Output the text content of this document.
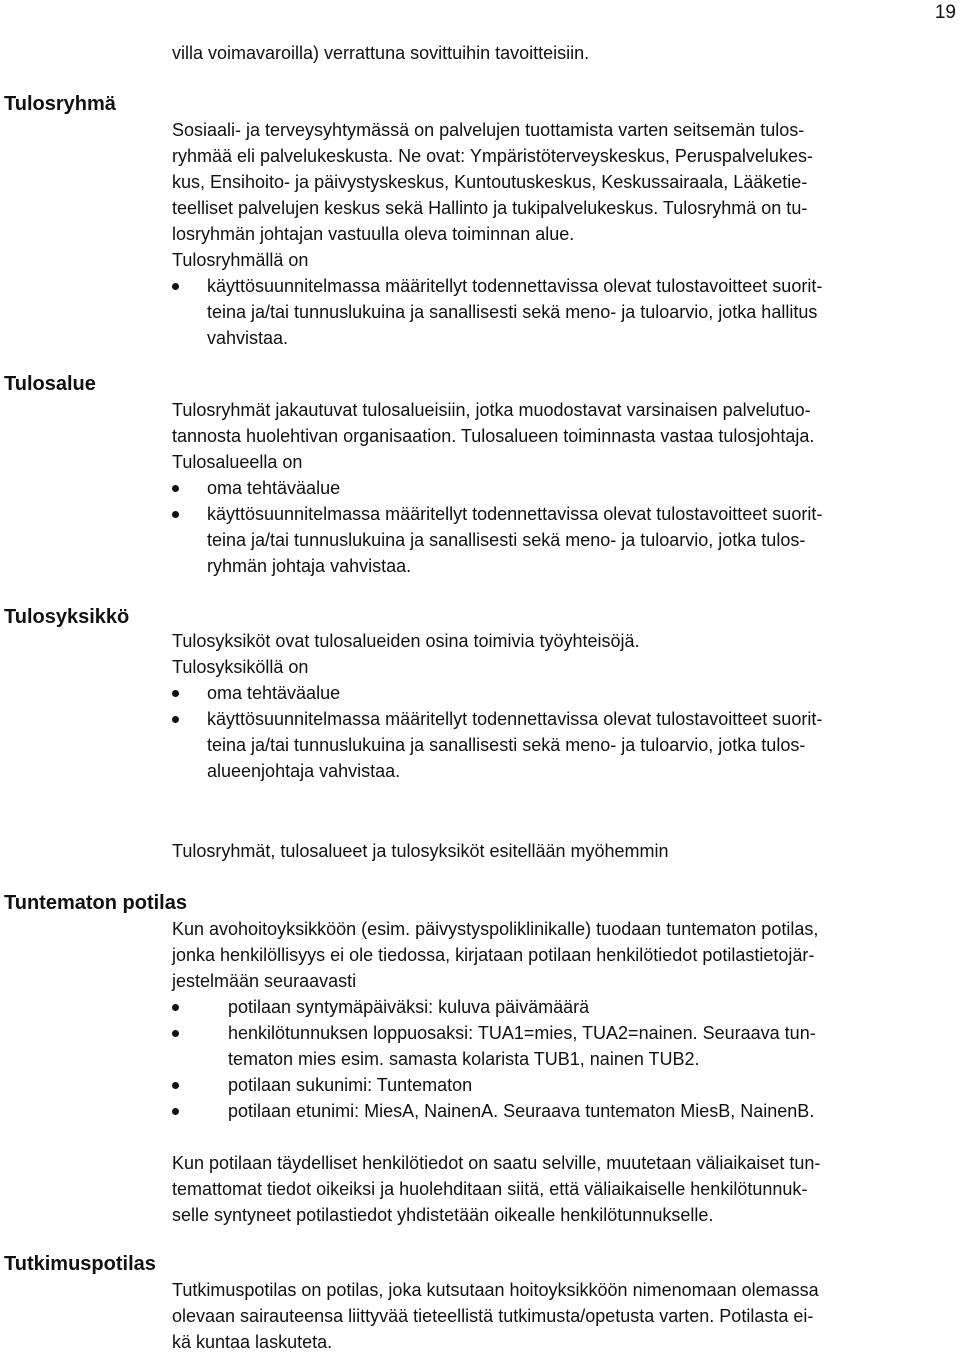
19
villa voimavaroilla) verrattuna sovittuihin tavoitteisiin.
Tulosryhmä
Sosiaali- ja terveysyhtymässä on palvelujen tuottamista varten seitsemän tulos-
ryhmää eli palvelukeskusta. Ne ovat: Ympäristöterveyskeskus, Peruspalvelukes-
kus, Ensihoito- ja päivystyskeskus, Kuntoutuskeskus, Keskussairaala, Lääketie-
teelliset palvelujen keskus sekä Hallinto ja tukipalvelukeskus. Tulosryhmä on tu-
losryhmän johtajan vastuulla oleva toiminnan alue.
Tulosryhmällä on
käyttösuunnitelmassa määritellyt todennettavissa olevat tulostavoitteet suorit-
teina ja/tai tunnuslukuina ja sanallisesti sekä meno- ja tuloarvio, jotka hallitus
vahvistaa.
Tulosalue
Tulosryhmät jakautuvat tulosalueisiin, jotka muodostavat varsinaisen palvelutuo-
tannosta huolehtivan organisaation. Tulosalueen toiminnasta vastaa tulosjohtaja.
Tulosalueella on
oma tehtäväalue
käyttösuunnitelmassa määritellyt todennettavissa olevat tulostavoitteet suorit-
teina ja/tai tunnuslukuina ja sanallisesti sekä meno- ja tuloarvio, jotka tulos-
ryhmän johtaja vahvistaa.
Tulosyksikkö
Tulosyksiköt ovat tulosalueiden osina toimivia työyhteisöjä.
Tulosyksiköllä on
oma tehtäväalue
käyttösuunnitelmassa määritellyt todennettavissa olevat tulostavoitteet suorit-
teina ja/tai tunnuslukuina ja sanallisesti sekä meno- ja tuloarvio, jotka tulos-
alueenjohtaja vahvistaa.
Tulosryhmät, tulosalueet ja tulosyksiköt esitellään myöhemmin
Tuntematon potilas
Kun avohoitoyksikköön (esim. päivystyspoliklinikalle) tuodaan tuntematon potilas,
jonka henkilöllisyys ei ole tiedossa, kirjataan potilaan henkilötiedot potilastietojär-
jestelmään seuraavasti
potilaan syntymäpäiväksi: kuluva päivämäärä
henkilötunnuksen loppuosaksi: TUA1=mies, TUA2=nainen. Seuraava tun-
tematon mies esim. samasta kolarista TUB1, nainen TUB2.
potilaan sukunimi: Tuntematon
potilaan etunimi: MiesA, NainenA. Seuraava tuntematon MiesB, NainenB.
Kun potilaan täydelliset henkilötiedot on saatu selville, muutetaan väliaikaiset tun-
temattomat tiedot oikeiksi ja huolehditaan siitä, että väliaikaiselle henkilötunnuk-
selle syntyneet potilastiedot yhdistetään oikealle henkilötunnukselle.
Tutkimuspotilas
Tutkimuspotilas on potilas, joka kutsutaan hoitoyksikköön nimenomaan olemassa
olevaan sairauteensa liittyvää tieteellistä tutkimusta/opetusta varten. Potilasta ei-
kä kuntaa laskuteta.
